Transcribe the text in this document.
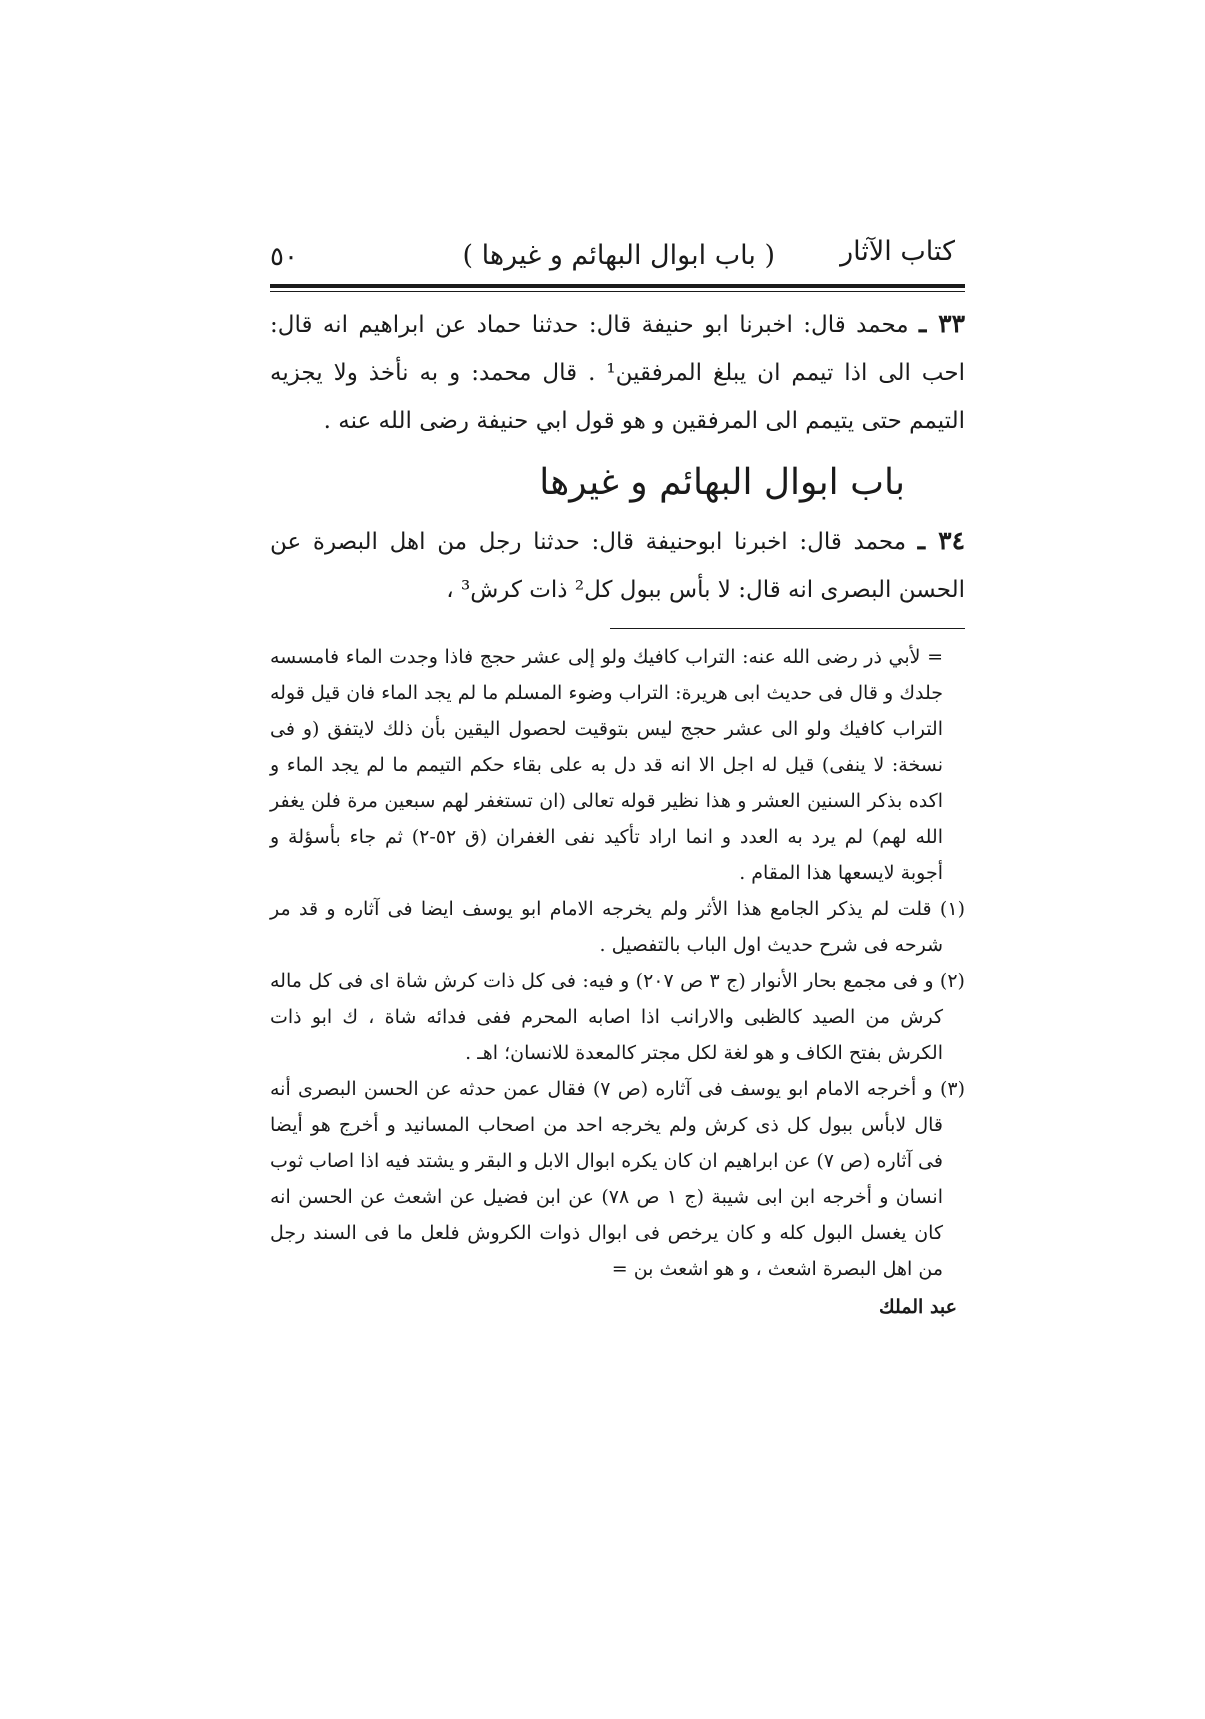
كتاب الآثار
( باب ابوال البهائم و غيرها )
٥٠

٣٣ ـ محمد قال: اخبرنا ابو حنيفة قال: حدثنا حماد عن ابراهيم انه قال: احب الى اذا تيمم ان يبلغ المرفقين¹ . قال محمد: و به نأخذ ولا يجزيه التيمم حتى يتيمم الى المرفقين و هو قول ابي حنيفة رضى الله عنه .

باب ابوال البهائم و غيرها

٣٤ ـ محمد قال: اخبرنا ابوحنيفة قال: حدثنا رجل من اهل البصرة عن الحسن البصرى انه قال: لا بأس ببول كل² ذات كرش³ ،

= لأبي ذر رضى الله عنه: التراب كافيك ولو إلى عشر حجج فاذا وجدت الماء فامسسه جلدك و قال فى حديث ابى هريرة: التراب وضوء المسلم ما لم يجد الماء فان قيل قوله التراب كافيك ولو الى عشر حجج ليس بتوقيت لحصول اليقين بأن ذلك لايتفق (و فى نسخة: لا ينفى) قيل له اجل الا انه قد دل به على بقاء حكم التيمم ما لم يجد الماء و اكده بذكر السنين العشر و هذا نظير قوله تعالى (ان تستغفر لهم سبعين مرة فلن يغفر الله لهم) لم يرد به العدد و انما اراد تأكيد نفى الغفران (ق ٥٢-٢) ثم جاء بأسؤلة و أجوبة لايسعها هذا المقام .

(١) قلت لم يذكر الجامع هذا الأثر ولم يخرجه الامام ابو يوسف ايضا فى آثاره و قد مر شرحه فى شرح حديث اول الباب بالتفصيل .

(٢) و فى مجمع بحار الأنوار (ج ٣ ص ٢٠٧) و فيه: فى كل ذات كرش شاة اى فى كل ماله كرش من الصيد كالظبى والارانب اذا اصابه المحرم ففى فدائه شاة ، ك ابو ذات الكرش بفتح الكاف و هو لغة لكل مجتر كالمعدة للانسان؛ اهـ .

(٣) و أخرجه الامام ابو يوسف فى آثاره (ص ٧) فقال عمن حدثه عن الحسن البصرى أنه قال لابأس ببول كل ذى كرش ولم يخرجه احد من اصحاب المسانيد و أخرج هو أيضا فى آثاره (ص ٧) عن ابراهيم ان كان يكره ابوال الابل و البقر و يشتد فيه اذا اصاب ثوب انسان و أخرجه ابن ابى شيبة (ج ١ ص ٧٨) عن ابن فضيل عن اشعث عن الحسن انه كان يغسل البول كله و كان يرخص فى ابوال ذوات الكروش فلعل ما فى السند رجل من اهل البصرة اشعث ، و هو اشعث بن =

عبد الملك
